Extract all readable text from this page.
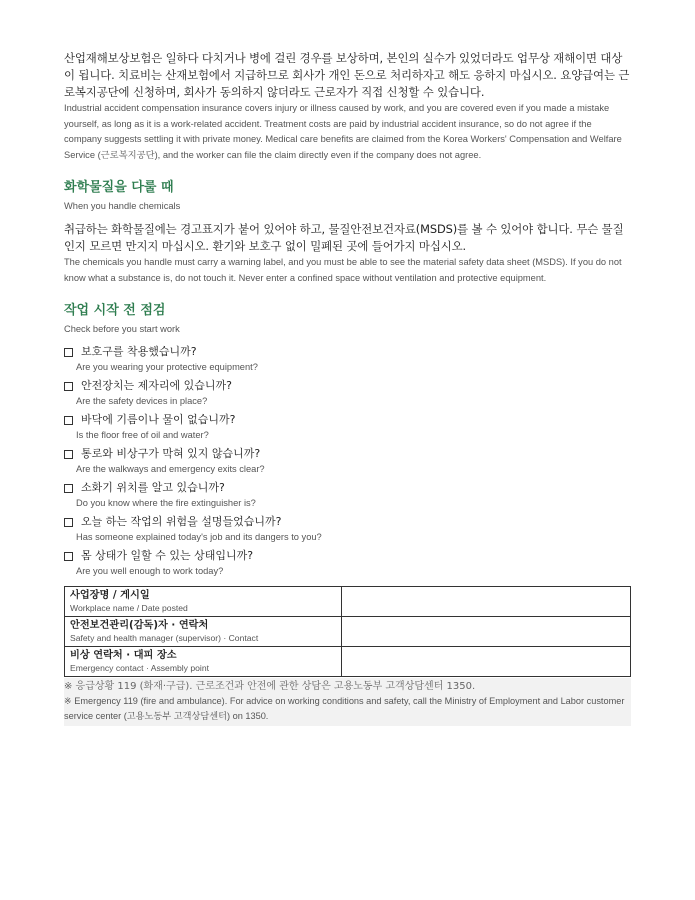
산업재해보상보험은 일하다 다치거나 병에 걸린 경우를 보상하며, 본인의 실수가 있었더라도 업무상 재해이면 대상이 됩니다. 치료비는 산재보험에서 지급하므로 회사가 개인 돈으로 처리하자고 해도 응하지 마십시오. 요양급여는 근로복지공단에 신청하며, 회사가 동의하지 않더라도 근로자가 직접 신청할 수 있습니다.

Industrial accident compensation insurance covers injury or illness caused by work, and you are covered even if you made a mistake yourself, as long as it is a work-related accident. Treatment costs are paid by industrial accident insurance, so do not agree if the company suggests settling it with private money. Medical care benefits are claimed from the Korea Workers' Compensation and Welfare Service (근로복지공단), and the worker can file the claim directly even if the company does not agree.

화학물질을 다룰 때

When you handle chemicals

취급하는 화학물질에는 경고표지가 붙어 있어야 하고, 물질안전보건자료(MSDS)를 볼 수 있어야 합니다. 무슨 물질인지 모르면 만지지 마십시오. 환기와 보호구 없이 밀폐된 곳에 들어가지 마십시오.

The chemicals you handle must carry a warning label, and you must be able to see the material safety data sheet (MSDS). If you do not know what a substance is, do not touch it. Never enter a confined space without ventilation and protective equipment.

작업 시작 전 점검

Check before you start work

보호구를 착용했습니까?
Are you wearing your protective equipment?
안전장치는 제자리에 있습니까?
Are the safety devices in place?
바닥에 기름이나 물이 없습니까?
Is the floor free of oil and water?
통로와 비상구가 막혀 있지 않습니까?
Are the walkways and emergency exits clear?
소화기 위치를 알고 있습니까?
Do you know where the fire extinguisher is?
오늘 하는 작업의 위험을 설명들었습니까?
Has someone explained today's job and its dangers to you?
몸 상태가 일할 수 있는 상태입니까?
Are you well enough to work today?
사업장명 / 게시일
Workplace name / Date posted	

안전보건관리(감독)자 · 연락처
Safety and health manager (supervisor) · Contact	

비상 연락처 · 대피 장소
Emergency contact · Assembly point	

※ 응급상황 119 (화재·구급). 근로조건과 안전에 관한 상담은 고용노동부 고객상담센터 1350.

※ Emergency 119 (fire and ambulance). For advice on working conditions and safety, call the Ministry of Employment and Labor customer service center (고용노동부 고객상담센터) on 1350.
